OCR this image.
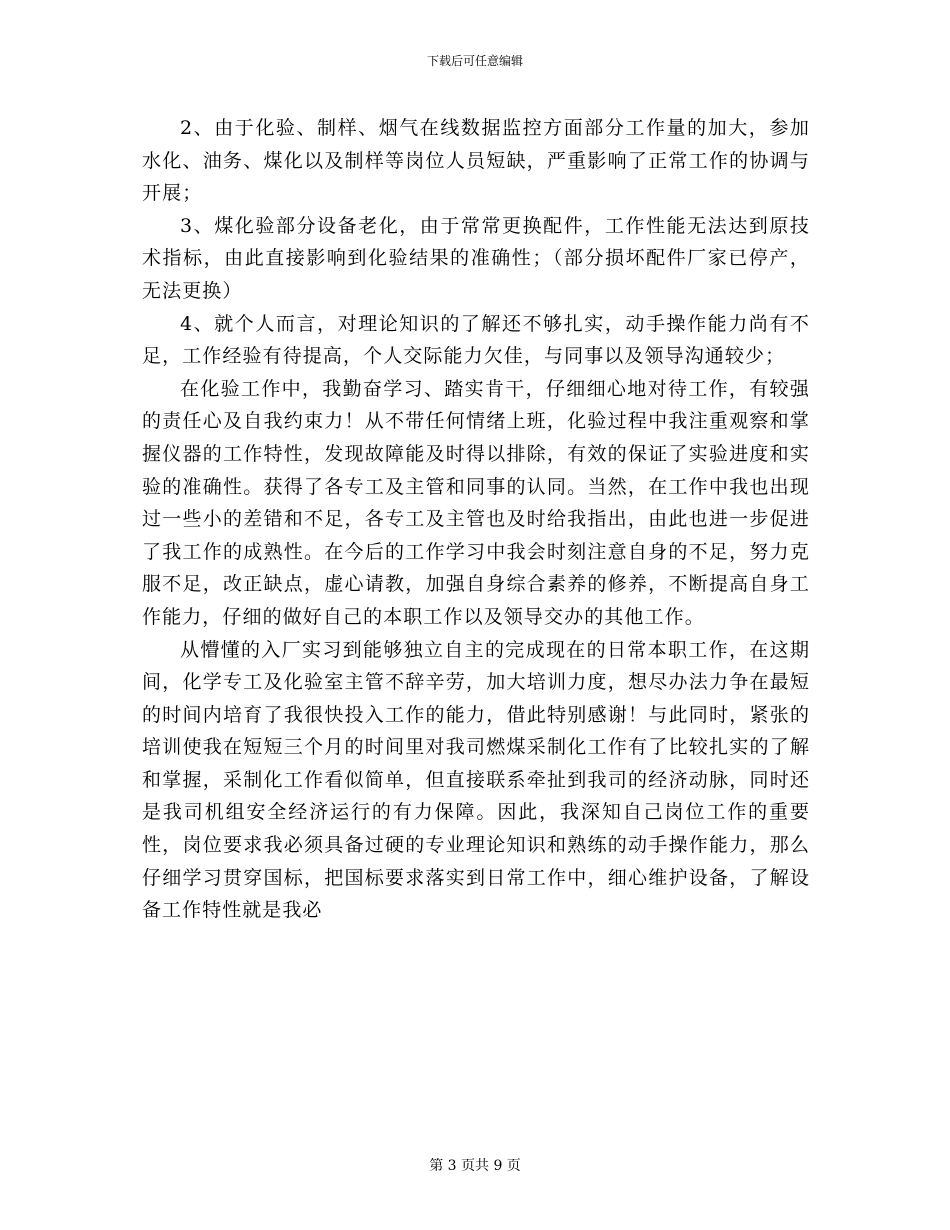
下载后可任意编辑

2、由于化验、制样、烟气在线数据监控方面部分工作量的加大，参加水化、油务、煤化以及制样等岗位人员短缺，严重影响了正常工作的协调与开展；

3、煤化验部分设备老化，由于常常更换配件，工作性能无法达到原技术指标，由此直接影响到化验结果的准确性；（部分损坏配件厂家已停产，无法更换）

4、就个人而言，对理论知识的了解还不够扎实，动手操作能力尚有不足，工作经验有待提高，个人交际能力欠佳，与同事以及领导沟通较少；

在化验工作中，我勤奋学习、踏实肯干，仔细细心地对待工作，有较强的责任心及自我约束力！从不带任何情绪上班，化验过程中我注重观察和掌握仪器的工作特性，发现故障能及时得以排除，有效的保证了实验进度和实验的准确性。获得了各专工及主管和同事的认同。当然，在工作中我也出现过一些小的差错和不足，各专工及主管也及时给我指出，由此也进一步促进了我工作的成熟性。在今后的工作学习中我会时刻注意自身的不足，努力克服不足，改正缺点，虚心请教，加强自身综合素养的修养，不断提高自身工作能力，仔细的做好自己的本职工作以及领导交办的其他工作。

从懵懂的入厂实习到能够独立自主的完成现在的日常本职工作，在这期间，化学专工及化验室主管不辞辛劳，加大培训力度，想尽办法力争在最短的时间内培育了我很快投入工作的能力，借此特别感谢！与此同时，紧张的培训使我在短短三个月的时间里对我司燃煤采制化工作有了比较扎实的了解和掌握，采制化工作看似简单，但直接联系牵扯到我司的经济动脉，同时还是我司机组安全经济运行的有力保障。因此，我深知自己岗位工作的重要性，岗位要求我必须具备过硬的专业理论知识和熟练的动手操作能力，那么仔细学习贯穿国标，把国标要求落实到日常工作中，细心维护设备，了解设备工作特性就是我必

第 3 页共 9 页
